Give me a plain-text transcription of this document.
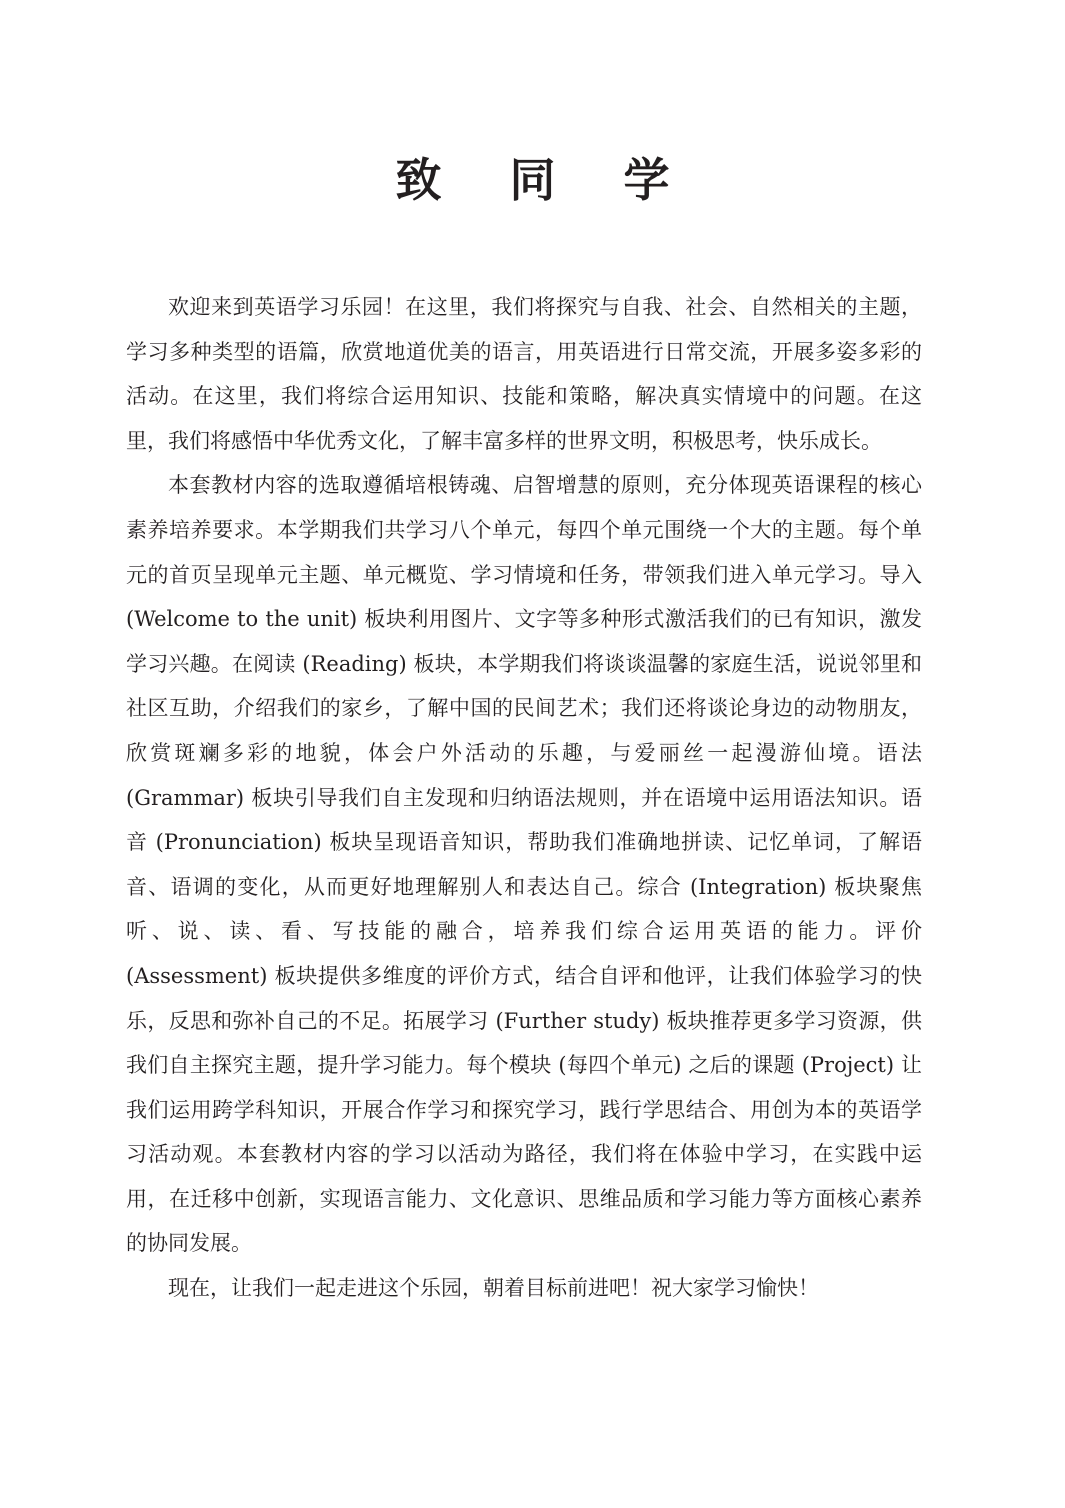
致 同 学

欢迎来到英语学习乐园！在这里，我们将探究与自我、社会、自然相关的主题，学习多种类型的语篇，欣赏地道优美的语言，用英语进行日常交流，开展多姿多彩的活动。在这里，我们将综合运用知识、技能和策略，解决真实情境中的问题。在这里，我们将感悟中华优秀文化，了解丰富多样的世界文明，积极思考，快乐成长。

本套教材内容的选取遵循培根铸魂、启智增慧的原则，充分体现英语课程的核心素养培养要求。本学期我们共学习八个单元，每四个单元围绕一个大的主题。每个单元的首页呈现单元主题、单元概览、学习情境和任务，带领我们进入单元学习。导入 (Welcome to the unit) 板块利用图片、文字等多种形式激活我们的已有知识，激发学习兴趣。在阅读 (Reading) 板块，本学期我们将谈谈温馨的家庭生活，说说邻里和社区互助，介绍我们的家乡，了解中国的民间艺术；我们还将谈论身边的动物朋友，欣赏斑斓多彩的地貌，体会户外活动的乐趣，与爱丽丝一起漫游仙境。语法 (Grammar) 板块引导我们自主发现和归纳语法规则，并在语境中运用语法知识。语音 (Pronunciation) 板块呈现语音知识，帮助我们准确地拼读、记忆单词，了解语音、语调的变化，从而更好地理解别人和表达自己。综合 (Integration) 板块聚焦听、说、读、看、写技能的融合，培养我们综合运用英语的能力。评价 (Assessment) 板块提供多维度的评价方式，结合自评和他评，让我们体验学习的快乐，反思和弥补自己的不足。拓展学习 (Further study) 板块推荐更多学习资源，供我们自主探究主题，提升学习能力。每个模块 (每四个单元) 之后的课题 (Project) 让我们运用跨学科知识，开展合作学习和探究学习，践行学思结合、用创为本的英语学习活动观。本套教材内容的学习以活动为路径，我们将在体验中学习，在实践中运用，在迁移中创新，实现语言能力、文化意识、思维品质和学习能力等方面核心素养的协同发展。

现在，让我们一起走进这个乐园，朝着目标前进吧！祝大家学习愉快！
